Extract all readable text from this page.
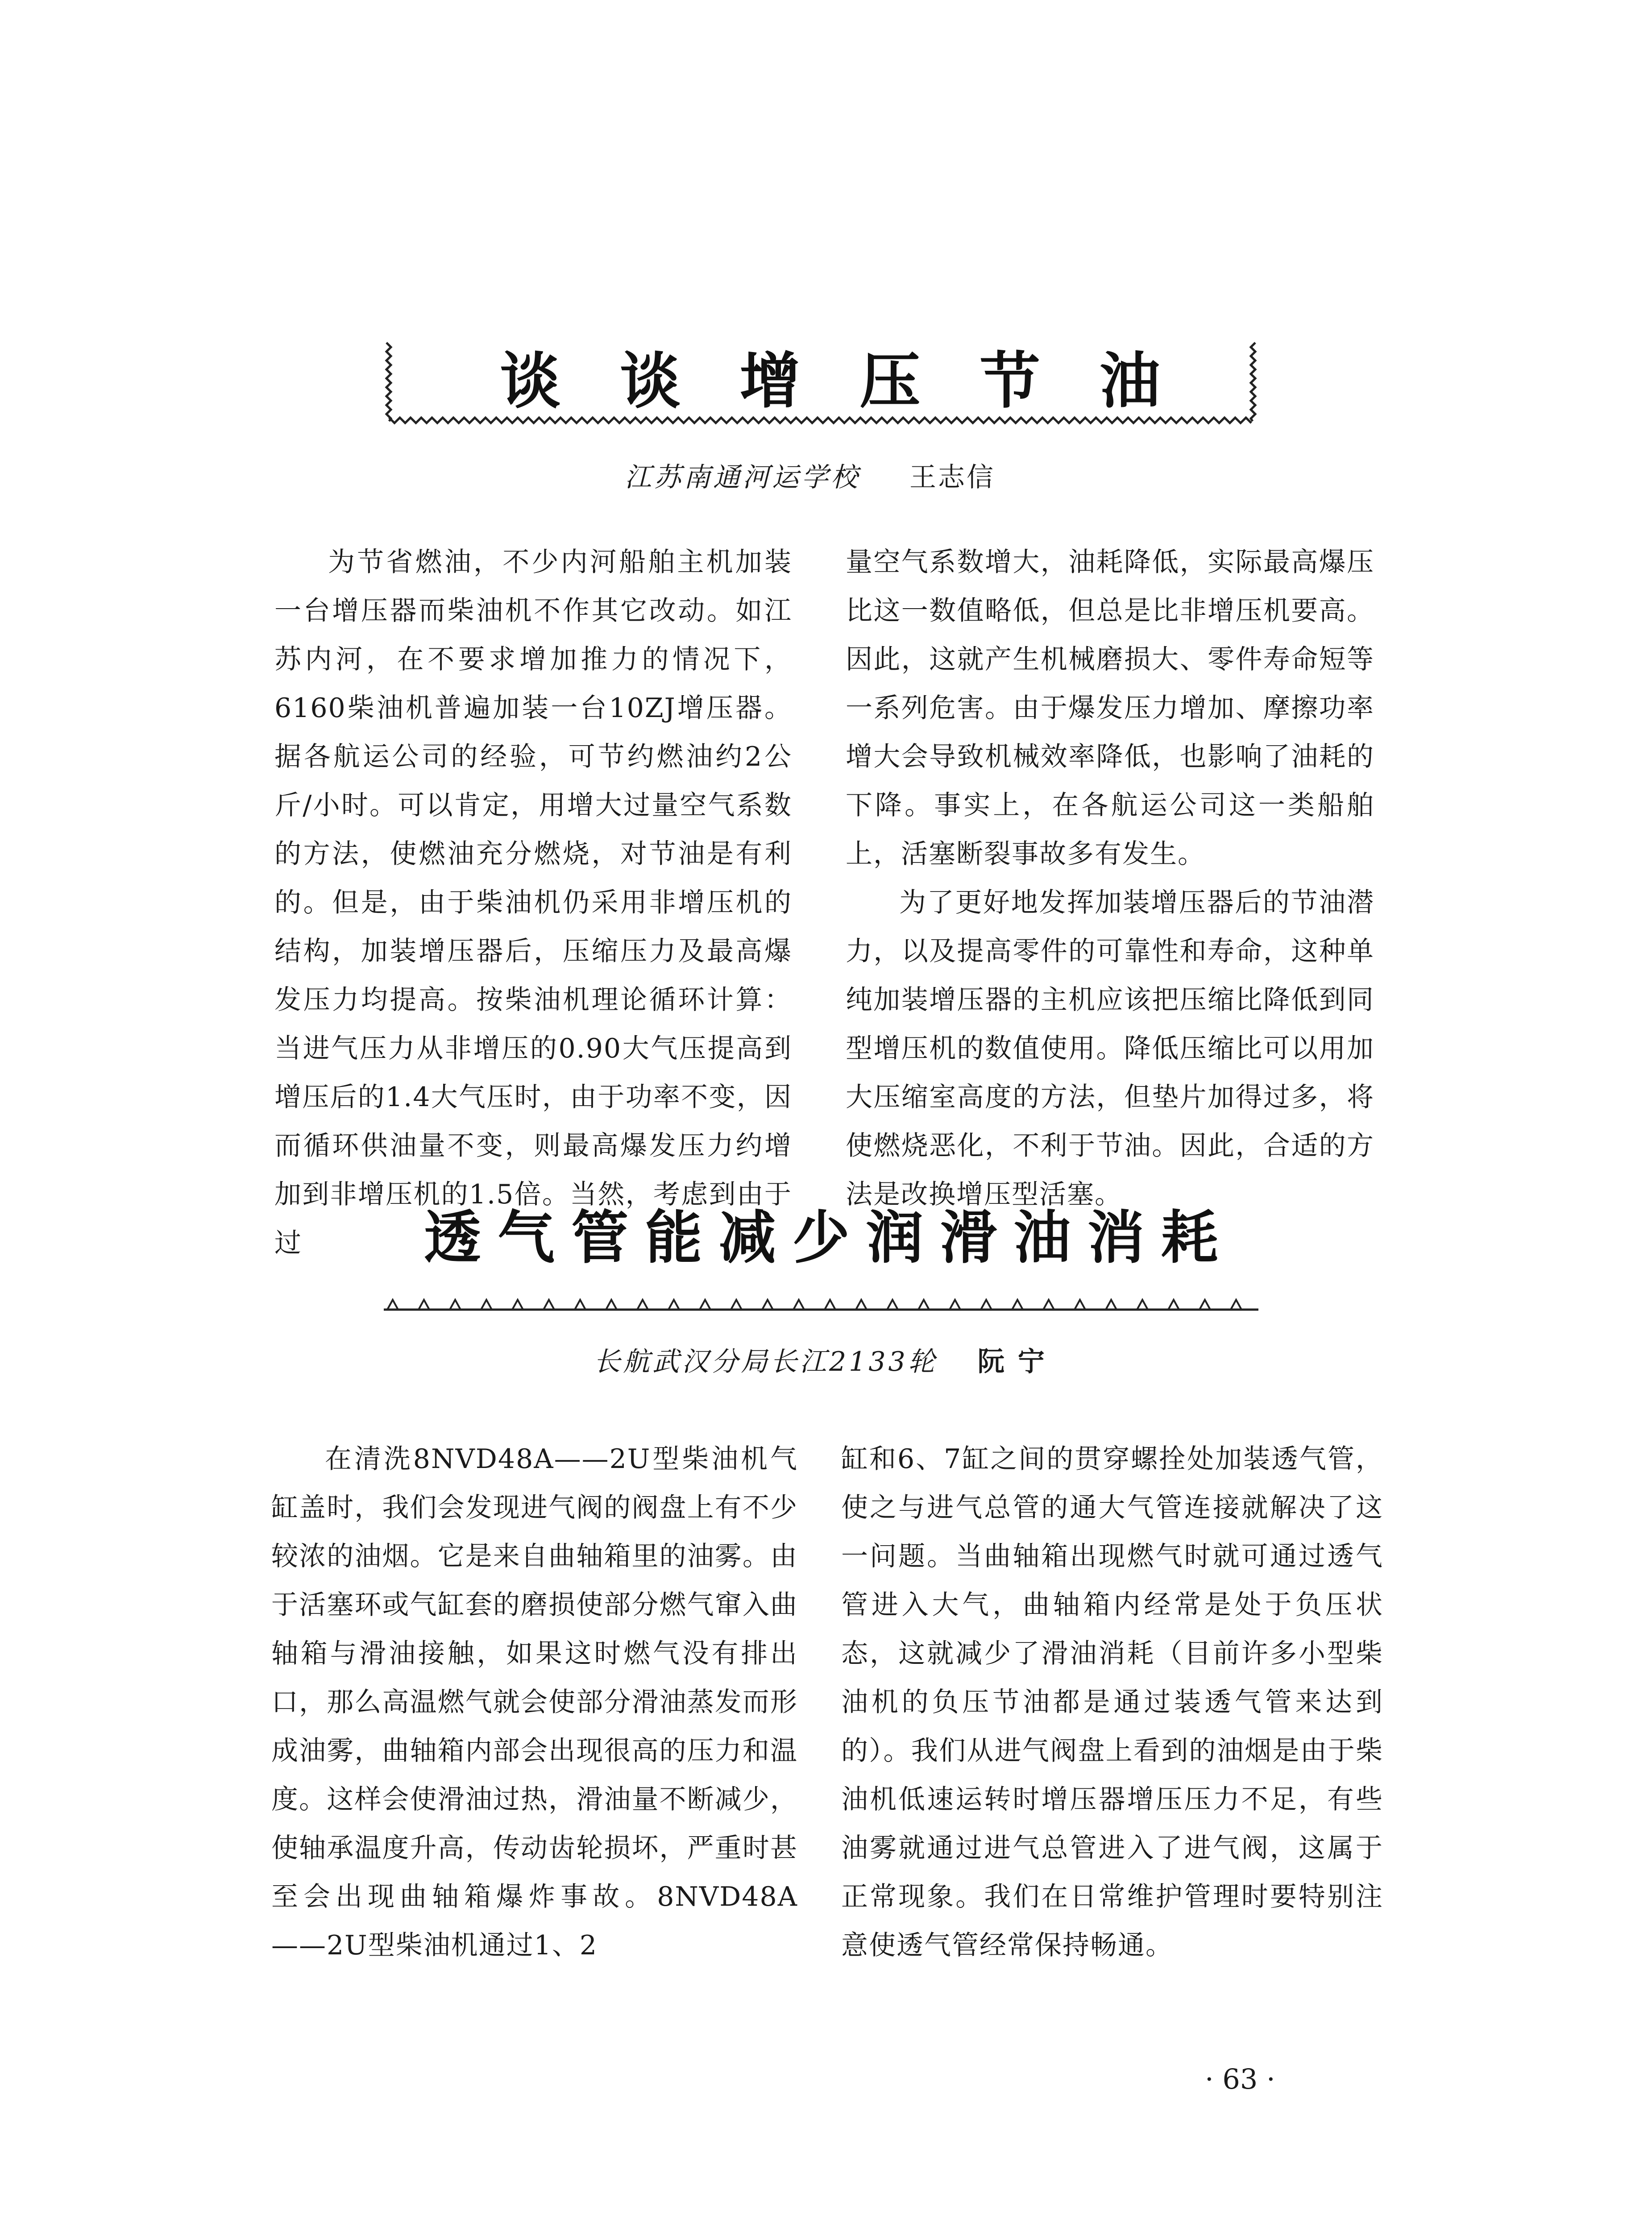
谈 谈 增 压 节 油
江苏南通河运学校 王志信

为节省燃油，不少内河船舶主机加装一台增压器而柴油机不作其它改动。如江苏内河，在不要求增加推力的情况下，6160柴油机普遍加装一台10ZJ增压器。据各航运公司的经验，可节约燃油约2公斤/小时。可以肯定，用增大过量空气系数的方法，使燃油充分燃烧，对节油是有利的。但是，由于柴油机仍采用非增压机的结构，加装增压器后，压缩压力及最高爆发压力均提高。按柴油机理论循环计算：当进气压力从非增压的0.90大气压提高到增压后的1.4大气压时，由于功率不变，因而循环供油量不变，则最高爆发压力约增加到非增压机的1.5倍。当然，考虑到由于过

量空气系数增大，油耗降低，实际最高爆压比这一数值略低，但总是比非增压机要高。因此，这就产生机械磨损大、零件寿命短等一系列危害。由于爆发压力增加、摩擦功率增大会导致机械效率降低，也影响了油耗的下降。事实上，在各航运公司这一类船舶上，活塞断裂事故多有发生。

为了更好地发挥加装增压器后的节油潜力，以及提高零件的可靠性和寿命，这种单纯加装增压器的主机应该把压缩比降低到同型增压机的数值使用。降低压缩比可以用加大压缩室高度的方法，但垫片加得过多，将使燃烧恶化，不利于节油。因此，合适的方法是改换增压型活塞。

透 气 管 能 减 少 润 滑 油 消 耗
长航武汉分局长江2133轮 阮宁

在清洗8NVD48A——2U型柴油机气缸盖时，我们会发现进气阀的阀盘上有不少较浓的油烟。它是来自曲轴箱里的油雾。由于活塞环或气缸套的磨损使部分燃气窜入曲轴箱与滑油接触，如果这时燃气没有排出口，那么高温燃气就会使部分滑油蒸发而形成油雾，曲轴箱内部会出现很高的压力和温度。这样会使滑油过热，滑油量不断减少，使轴承温度升高，传动齿轮损坏，严重时甚至会出现曲轴箱爆炸事故。8NVD48A——2U型柴油机通过1、2

缸和6、7缸之间的贯穿螺拴处加装透气管，使之与进气总管的通大气管连接就解决了这一问题。当曲轴箱出现燃气时就可通过透气管进入大气，曲轴箱内经常是处于负压状态，这就减少了滑油消耗（目前许多小型柴油机的负压节油都是通过装透气管来达到的）。我们从进气阀盘上看到的油烟是由于柴油机低速运转时增压器增压压力不足，有些油雾就通过进气总管进入了进气阀，这属于正常现象。我们在日常维护管理时要特别注意使透气管经常保持畅通。

· 63 ·
